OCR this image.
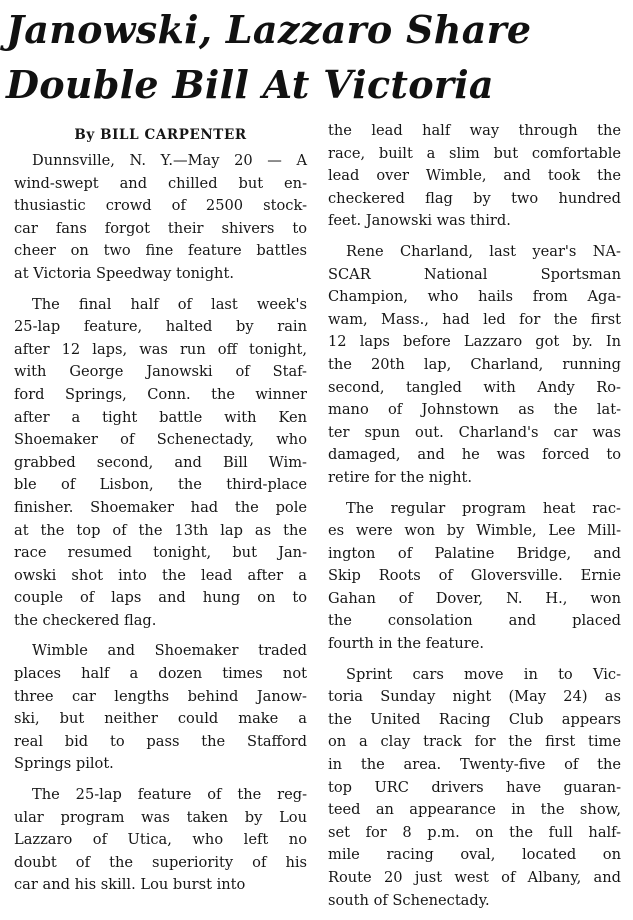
Janowski, Lazzaro Share
Double Bill At Victoria
By BILL CARPENTER
Dunnsville, N. Y.—May 20 — A
wind-swept and chilled but en-
thusiastic crowd of 2500 stock-
car fans forgot their shivers to
cheer on two fine feature battles
at Victoria Speedway tonight.
The final half of last week's
25-lap feature, halted by rain
after 12 laps, was run off tonight,
with George Janowski of Staf-
ford Springs, Conn. the winner
after a tight battle with Ken
Shoemaker of Schenectady, who
grabbed second, and Bill Wim-
ble of Lisbon, the third-place
finisher. Shoemaker had the pole
at the top of the 13th lap as the
race resumed tonight, but Jan-
owski shot into the lead after a
couple of laps and hung on to
the checkered flag.
Wimble and Shoemaker traded
places half a dozen times not
three car lengths behind Janow-
ski, but neither could make a
real bid to pass the Stafford
Springs pilot.
The 25-lap feature of the reg-
ular program was taken by Lou
Lazzaro of Utica, who left no
doubt of the superiority of his
car and his skill. Lou burst into
the lead half way through the
race, built a slim but comfortable
lead over Wimble, and took the
checkered flag by two hundred
feet. Janowski was third.
Rene Charland, last year's NA-
SCAR National Sportsman
Champion, who hails from Aga-
wam, Mass., had led for the first
12 laps before Lazzaro got by. In
the 20th lap, Charland, running
second, tangled with Andy Ro-
mano of Johnstown as the lat-
ter spun out. Charland's car was
damaged, and he was forced to
retire for the night.
The regular program heat rac-
es were won by Wimble, Lee Mill-
ington of Palatine Bridge, and
Skip Roots of Gloversville. Ernie
Gahan of Dover, N. H., won
the consolation and placed
fourth in the feature.
Sprint cars move in to Vic-
toria Sunday night (May 24) as
the United Racing Club appears
on a clay track for the first time
in the area. Twenty-five of the
top URC drivers have guaran-
teed an appearance in the show,
set for 8 p.m. on the full half-
mile racing oval, located on
Route 20 just west of Albany, and
south of Schenectady.
